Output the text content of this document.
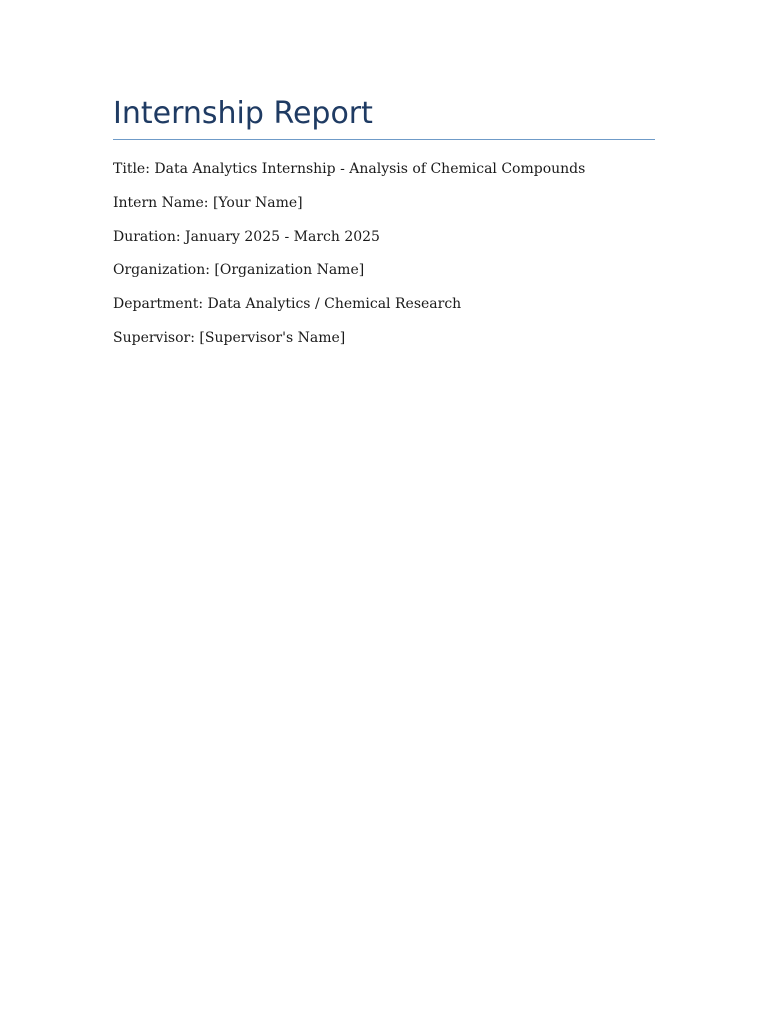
Internship Report

Title: Data Analytics Internship - Analysis of Chemical Compounds

Intern Name: [Your Name]

Duration: January 2025 - March 2025

Organization: [Organization Name]

Department: Data Analytics / Chemical Research

Supervisor: [Supervisor's Name]
